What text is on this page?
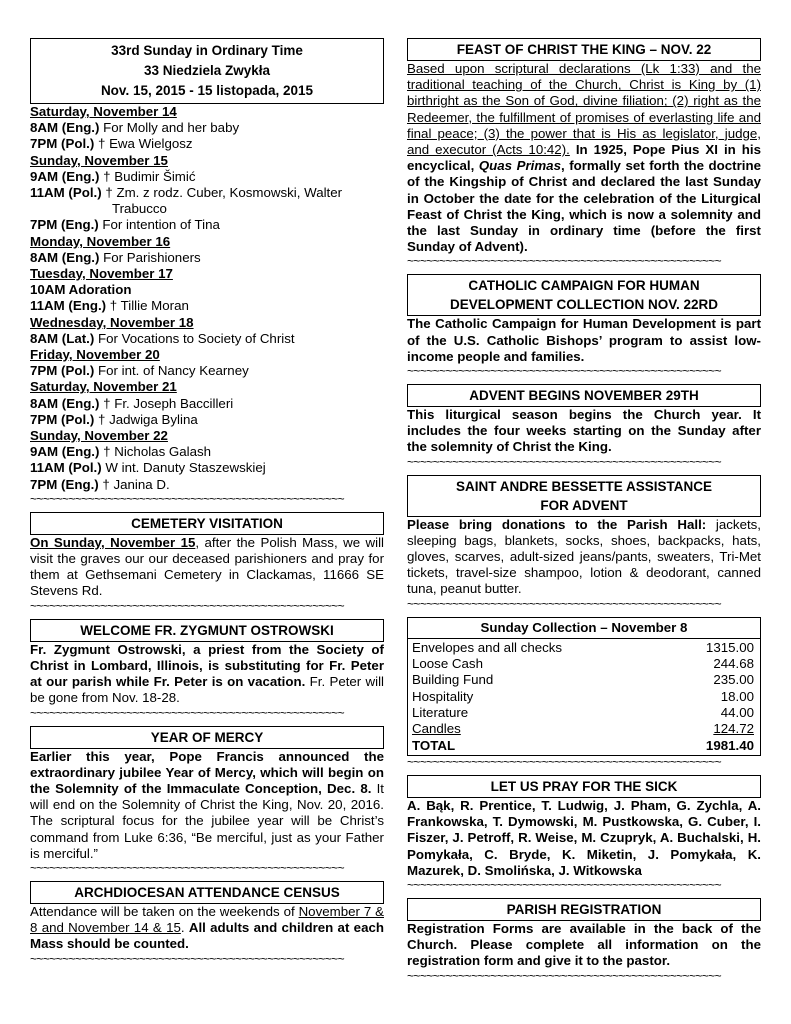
33rd Sunday in Ordinary Time
33 Niedziela Zwykła
Nov. 15, 2015 - 15 listopada, 2015
Saturday, November 14
8AM (Eng.) For Molly and her baby
7PM (Pol.) † Ewa Wielgosz
Sunday, November 15
9AM (Eng.) † Budimir Šimić
11AM (Pol.) † Zm. z rodz. Cuber, Kosmowski, Walter
Trabucco
7PM (Eng.) For intention of Tina
Monday, November 16
8AM (Eng.) For Parishioners
Tuesday, November 17
10AM Adoration
11AM (Eng.) † Tillie Moran
Wednesday, November 18
8AM (Lat.) For Vocations to Society of Christ
Friday, November 20
7PM (Pol.) For int. of Nancy Kearney
Saturday, November 21
8AM (Eng.) † Fr. Joseph Baccilleri
7PM (Pol.) † Jadwiga Bylina
Sunday, November 22
9AM (Eng.) † Nicholas Galash
11AM (Pol.) W int. Danuty Staszewskiej
7PM (Eng.) † Janina D.
~~~~~~~~~~~~~~~~~~~~~~~~~~~~~~~~~~~~~~~~~~~~~~~~~
CEMETERY VISITATION
On Sunday, November 15, after the Polish Mass, we will visit the graves our our deceased parishioners and pray for them at Gethsemani Cemetery in Clackamas, 11666 SE Stevens Rd.
~~~~~~~~~~~~~~~~~~~~~~~~~~~~~~~~~~~~~~~~~~~~~~~~~
WELCOME FR. ZYGMUNT OSTROWSKI
Fr. Zygmunt Ostrowski, a priest from the Society of Christ in Lombard, Illinois, is substituting for Fr. Peter at our parish while Fr. Peter is on vacation. Fr. Peter will be gone from Nov. 18-28.
~~~~~~~~~~~~~~~~~~~~~~~~~~~~~~~~~~~~~~~~~~~~~~~~~
YEAR OF MERCY
Earlier this year, Pope Francis announced the extraordinary jubilee Year of Mercy, which will begin on the Solemnity of the Immaculate Conception, Dec. 8. It will end on the Solemnity of Christ the King, Nov. 20, 2016. The scriptural focus for the jubilee year will be Christ’s command from Luke 6:36, “Be merciful, just as your Father is merciful.”
~~~~~~~~~~~~~~~~~~~~~~~~~~~~~~~~~~~~~~~~~~~~~~~~~
ARCHDIOCESAN ATTENDANCE CENSUS
Attendance will be taken on the weekends of November 7 & 8 and November 14 & 15. All adults and children at each Mass should be counted.
~~~~~~~~~~~~~~~~~~~~~~~~~~~~~~~~~~~~~~~~~~~~~~~~~
FEAST OF CHRIST THE KING – NOV. 22
Based upon scriptural declarations (Lk 1:33) and the traditional teaching of the Church, Christ is King by (1) birthright as the Son of God, divine filiation; (2) right as the Redeemer, the fulfillment of promises of everlasting life and final peace; (3) the power that is His as legislator, judge, and executor (Acts 10:42). In 1925, Pope Pius XI in his encyclical, Quas Primas, formally set forth the doctrine of the Kingship of Christ and declared the last Sunday in October the date for the celebration of the Liturgical Feast of Christ the King, which is now a solemnity and the last Sunday in ordinary time (before the first Sunday of Advent).
~~~~~~~~~~~~~~~~~~~~~~~~~~~~~~~~~~~~~~~~~~~~~~~~~
CATHOLIC CAMPAIGN FOR HUMAN
DEVELOPMENT COLLECTION NOV. 22RD
The Catholic Campaign for Human Development is part of the U.S. Catholic Bishops’ program to assist low-income people and families.
~~~~~~~~~~~~~~~~~~~~~~~~~~~~~~~~~~~~~~~~~~~~~~~~~
ADVENT BEGINS NOVEMBER 29TH
This liturgical season begins the Church year. It includes the four weeks starting on the Sunday after the solemnity of Christ the King.
~~~~~~~~~~~~~~~~~~~~~~~~~~~~~~~~~~~~~~~~~~~~~~~~~
SAINT ANDRE BESSETTE ASSISTANCE
FOR ADVENT
Please bring donations to the Parish Hall: jackets, sleeping bags, blankets, socks, shoes, backpacks, hats, gloves, scarves, adult-sized jeans/pants, sweaters, Tri-Met tickets, travel-size shampoo, lotion & deodorant, canned tuna, peanut butter.
~~~~~~~~~~~~~~~~~~~~~~~~~~~~~~~~~~~~~~~~~~~~~~~~~
Sunday Collection – November 8
Envelopes and all checks	1315.00
Loose Cash	244.68
Building Fund	235.00
Hospitality	18.00
Literature	44.00
Candles	124.72
TOTAL	1981.40
~~~~~~~~~~~~~~~~~~~~~~~~~~~~~~~~~~~~~~~~~~~~~~~~~
LET US PRAY FOR THE SICK
A. Bąk, R. Prentice, T. Ludwig, J. Pham, G. Zychla, A. Frankowska, T. Dymowski, M. Pustkowska, G. Cuber, I. Fiszer, J. Petroff, R. Weise, M. Czupryk, A. Buchalski, H. Pomykała, C. Bryde, K. Miketin, J. Pomykała, K. Mazurek, D. Smolińska, J. Witkowska
~~~~~~~~~~~~~~~~~~~~~~~~~~~~~~~~~~~~~~~~~~~~~~~~~
PARISH REGISTRATION
Registration Forms are available in the back of the Church. Please complete all information on the registration form and give it to the pastor.
~~~~~~~~~~~~~~~~~~~~~~~~~~~~~~~~~~~~~~~~~~~~~~~~~
